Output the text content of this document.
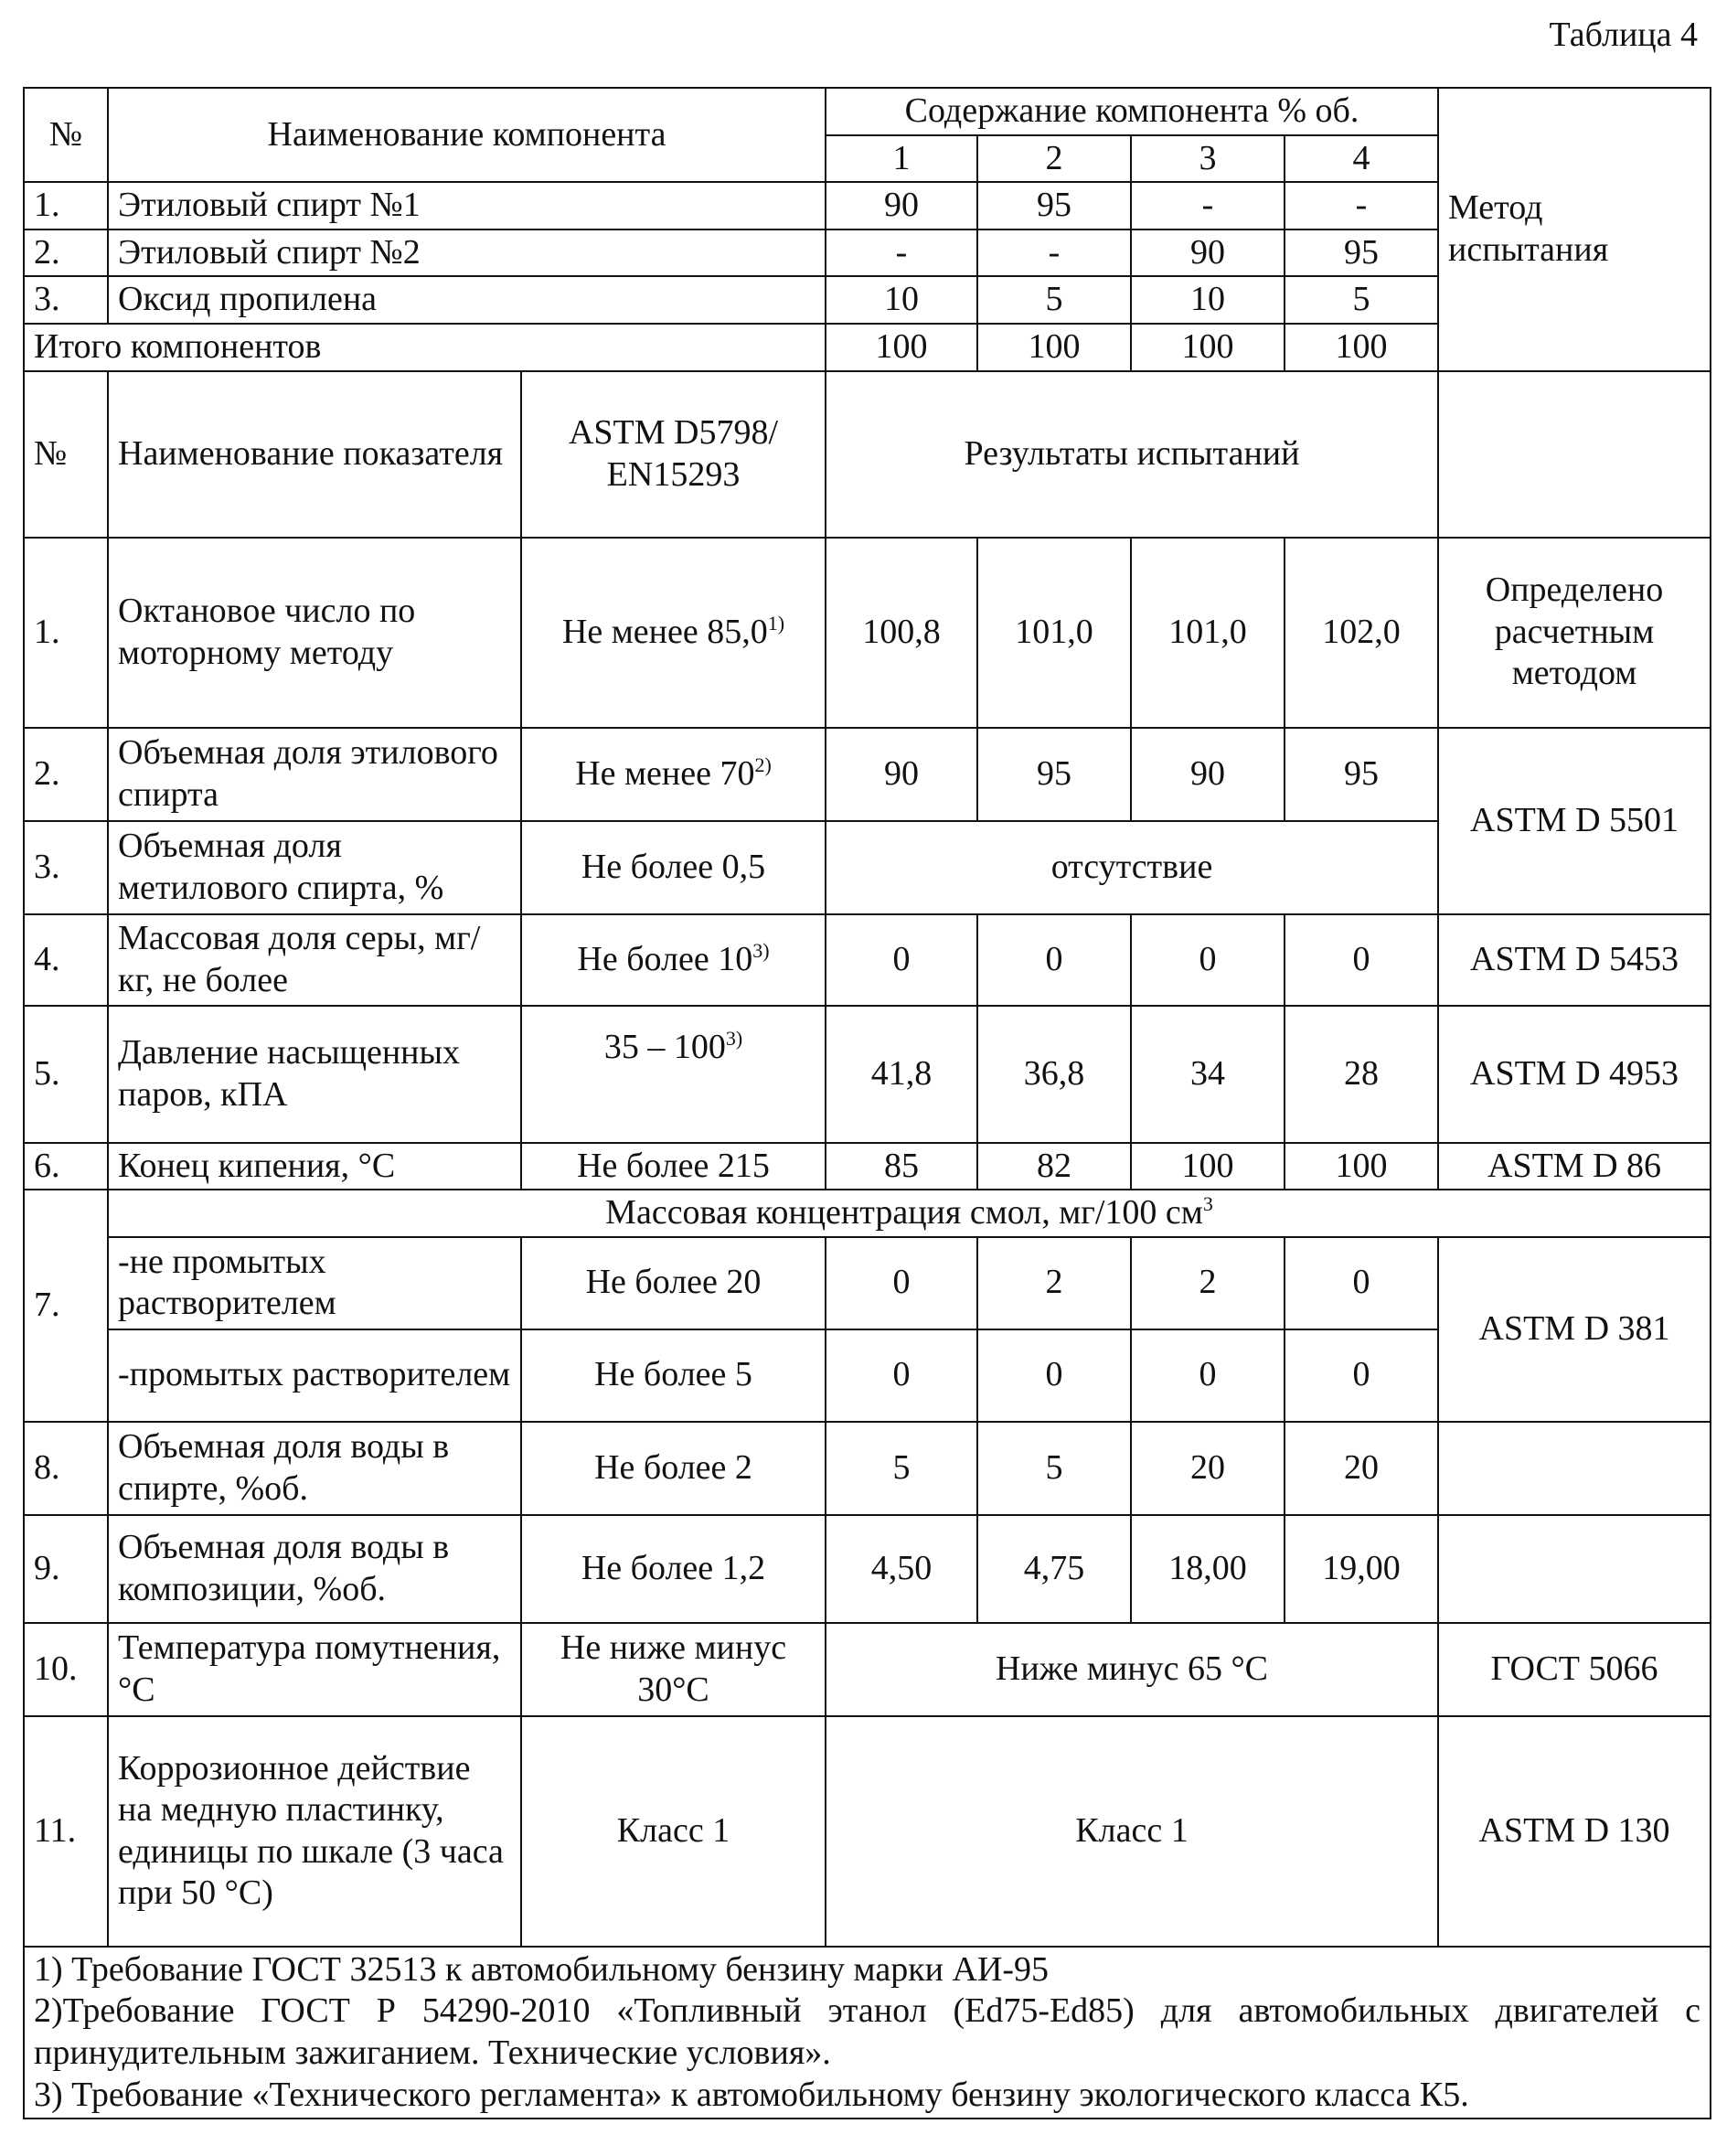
Таблица 4
№	Наименование компонента		Содержание компонента % об.				Метод испытания
			1	2	3	4	
1.	Этиловый спирт №1		90	95	-	-	
2.	Этиловый спирт №2		-	-	90	95	
3.	Оксид пропилена		10	5	10	5	
Итого компонентов			100	100	100	100	
№	Наименование показателя	ASTM D5798/ EN15293	Результаты испытаний				
1.	Октановое число по моторному методу	Не менее 85,0$^{1)}$	100,8	101,0	101,0	102,0	Определено расчетным методом
2.	Объемная доля этилового спирта	Не менее 70$^{2)}$	90	95	90	95	ASTM D 5501
3.	Объемная доля метилового спирта, %	Не более 0,5	отсутствие				
4.	Массовая доля серы, мг/кг, не более	Не более 10$^{3)}$	0	0	0	0	ASTM D 5453
5.	Давление насыщенных паров, кПА	35 – 100$^{3)}$	41,8	36,8	34	28	ASTM D 4953
6.	Конец кипения, °С	Не более 215	85	82	100	100	ASTM D 86
7.	Массовая концентрация смол, мг/100 $см^3$
	-не промытых растворителем	Не более 20	0	2	2	0	ASTM D 381
	-промытых растворителем	Не более 5	0	0	0	0	
8.	Объемная доля воды в спирте, %об.	Не более 2	5	5	20	20	
9.	Объемная доля воды в композиции, %об.	Не более 1,2	4,50	4,75	18,00	19,00	
10.	Температура помутнения, °С	Не ниже минус 30°С	Ниже минус 65 °С				ГОСТ 5066
11.	Коррозионное действие на медную пластинку, единицы по шкале (3 часа при 50 °С)	Класс 1	Класс 1				ASTM D 130

1) Требование ГОСТ 32513 к автомобильному бензину марки АИ-95
2)Требование ГОСТ Р 54290-2010 «Топливный этанол (Ed75-Ed85) для автомобильных двигателей с принудительным зажиганием. Технические условия».
3) Требование «Технического регламента» к автомобильному бензину экологического класса К5.							
